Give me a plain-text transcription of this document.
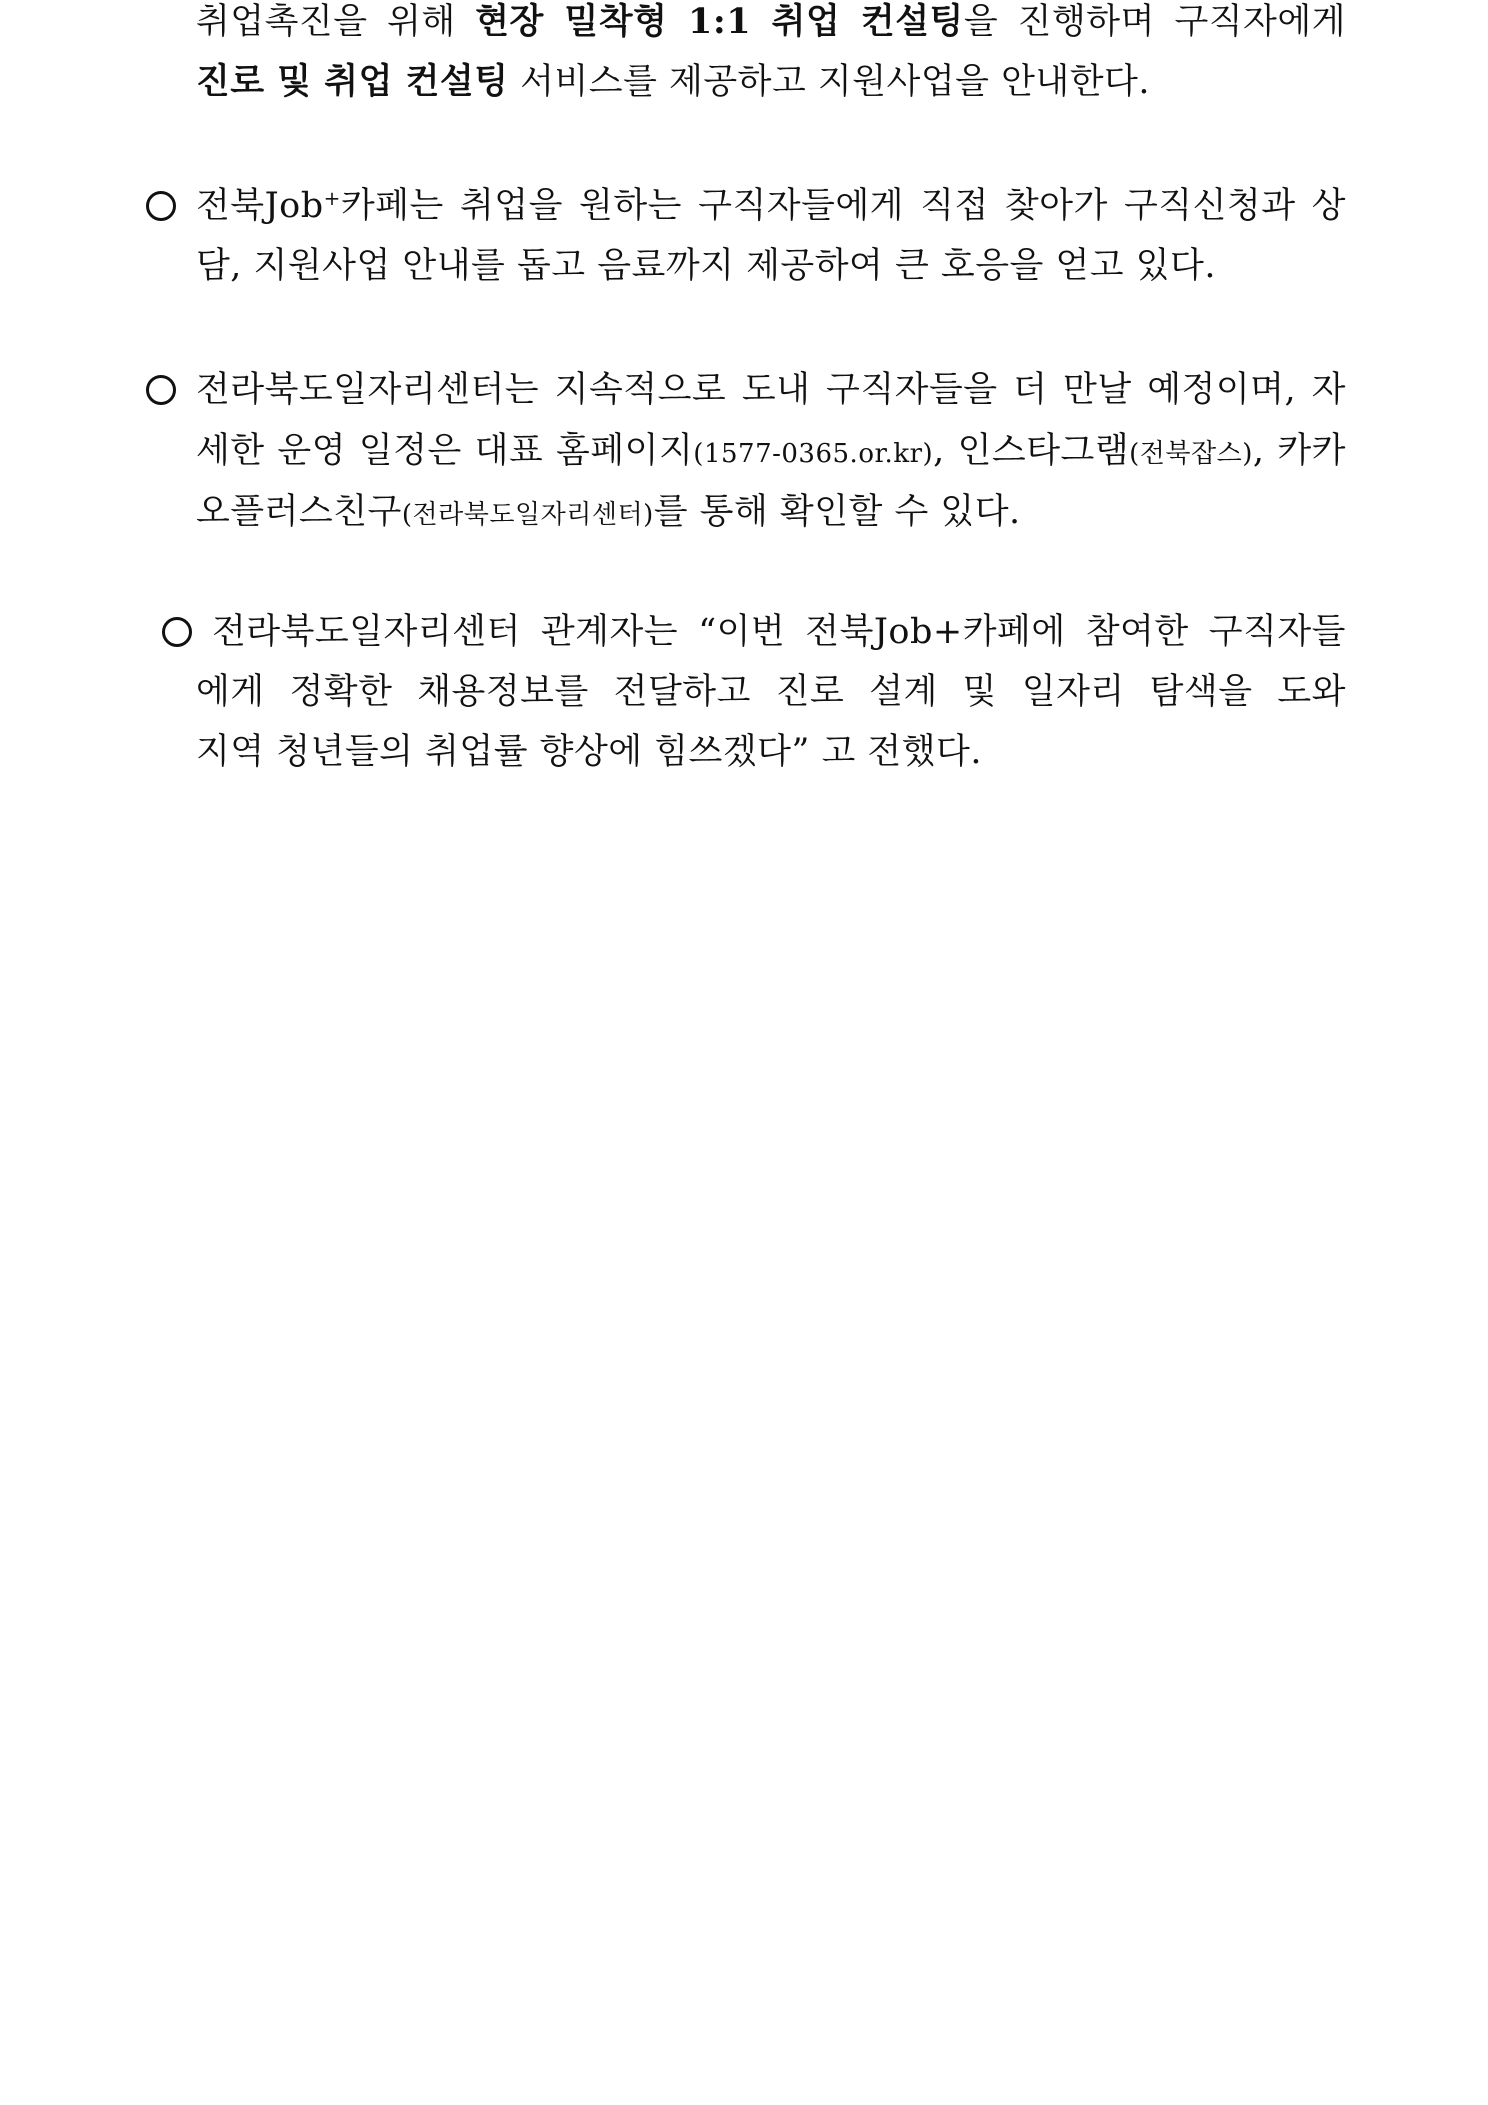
취업촉진을 위해 현장 밀착형 1:1 취업 컨설팅을 진행하며 구직자에게
진로 및 취업 컨설팅 서비스를 제공하고 지원사업을 안내한다.
전북Job+카페는 취업을 원하는 구직자들에게 직접 찾아가 구직신청과 상
담, 지원사업 안내를 돕고 음료까지 제공하여 큰 호응을 얻고 있다.
전라북도일자리센터는 지속적으로 도내 구직자들을 더 만날 예정이며, 자
세한 운영 일정은 대표 홈페이지(1577-0365.or.kr), 인스타그램(전북잡스), 카카
오플러스친구(전라북도일자리센터)를 통해 확인할 수 있다.
전라북도일자리센터 관계자는 “이번 전북Job+카페에 참여한 구직자들
에게 정확한 채용정보를 전달하고 진로 설계 및 일자리 탐색을 도와
지역 청년들의 취업률 향상에 힘쓰겠다” 고 전했다.
